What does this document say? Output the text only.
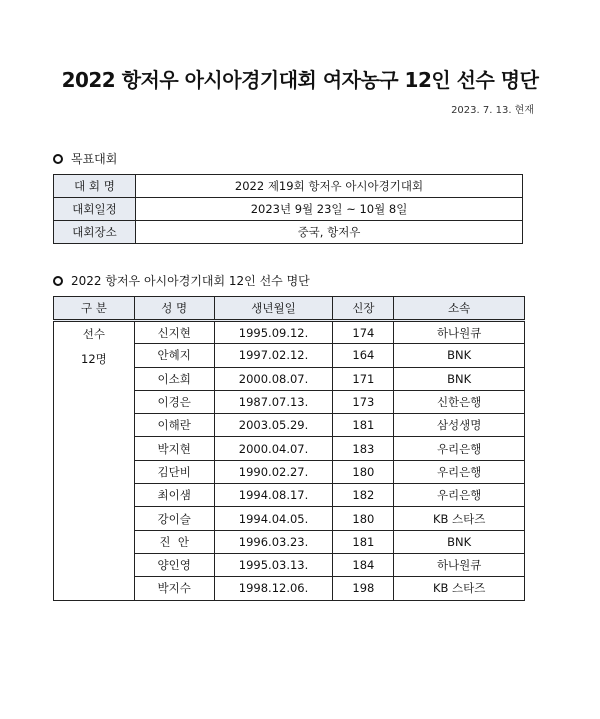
2022 항저우 아시아경기대회 여자농구 12인 선수 명단
2023. 7. 13. 현재
목표대회
대 회 명	2022 제19회 항저우 아시아경기대회
대회일정	2023년 9월 23일 ~ 10월 8일
대회장소	중국, 항저우
2022 항저우 아시아경기대회 12인 선수 명단
구 분	성 명	생년월일	신장	소속

선수
12명	신지현	1995.09.12.	174	하나원큐
	안혜지	1997.02.12.	164	BNK
	이소희	2000.08.07.	171	BNK
	이경은	1987.07.13.	173	신한은행
	이해란	2003.05.29.	181	삼성생명
	박지현	2000.04.07.	183	우리은행
	김단비	1990.02.27.	180	우리은행
	최이샘	1994.08.17.	182	우리은행
	강이슬	1994.04.05.	180	KB 스타즈
	진  안	1996.03.23.	181	BNK
	양인영	1995.03.13.	184	하나원큐
	박지수	1998.12.06.	198	KB 스타즈
